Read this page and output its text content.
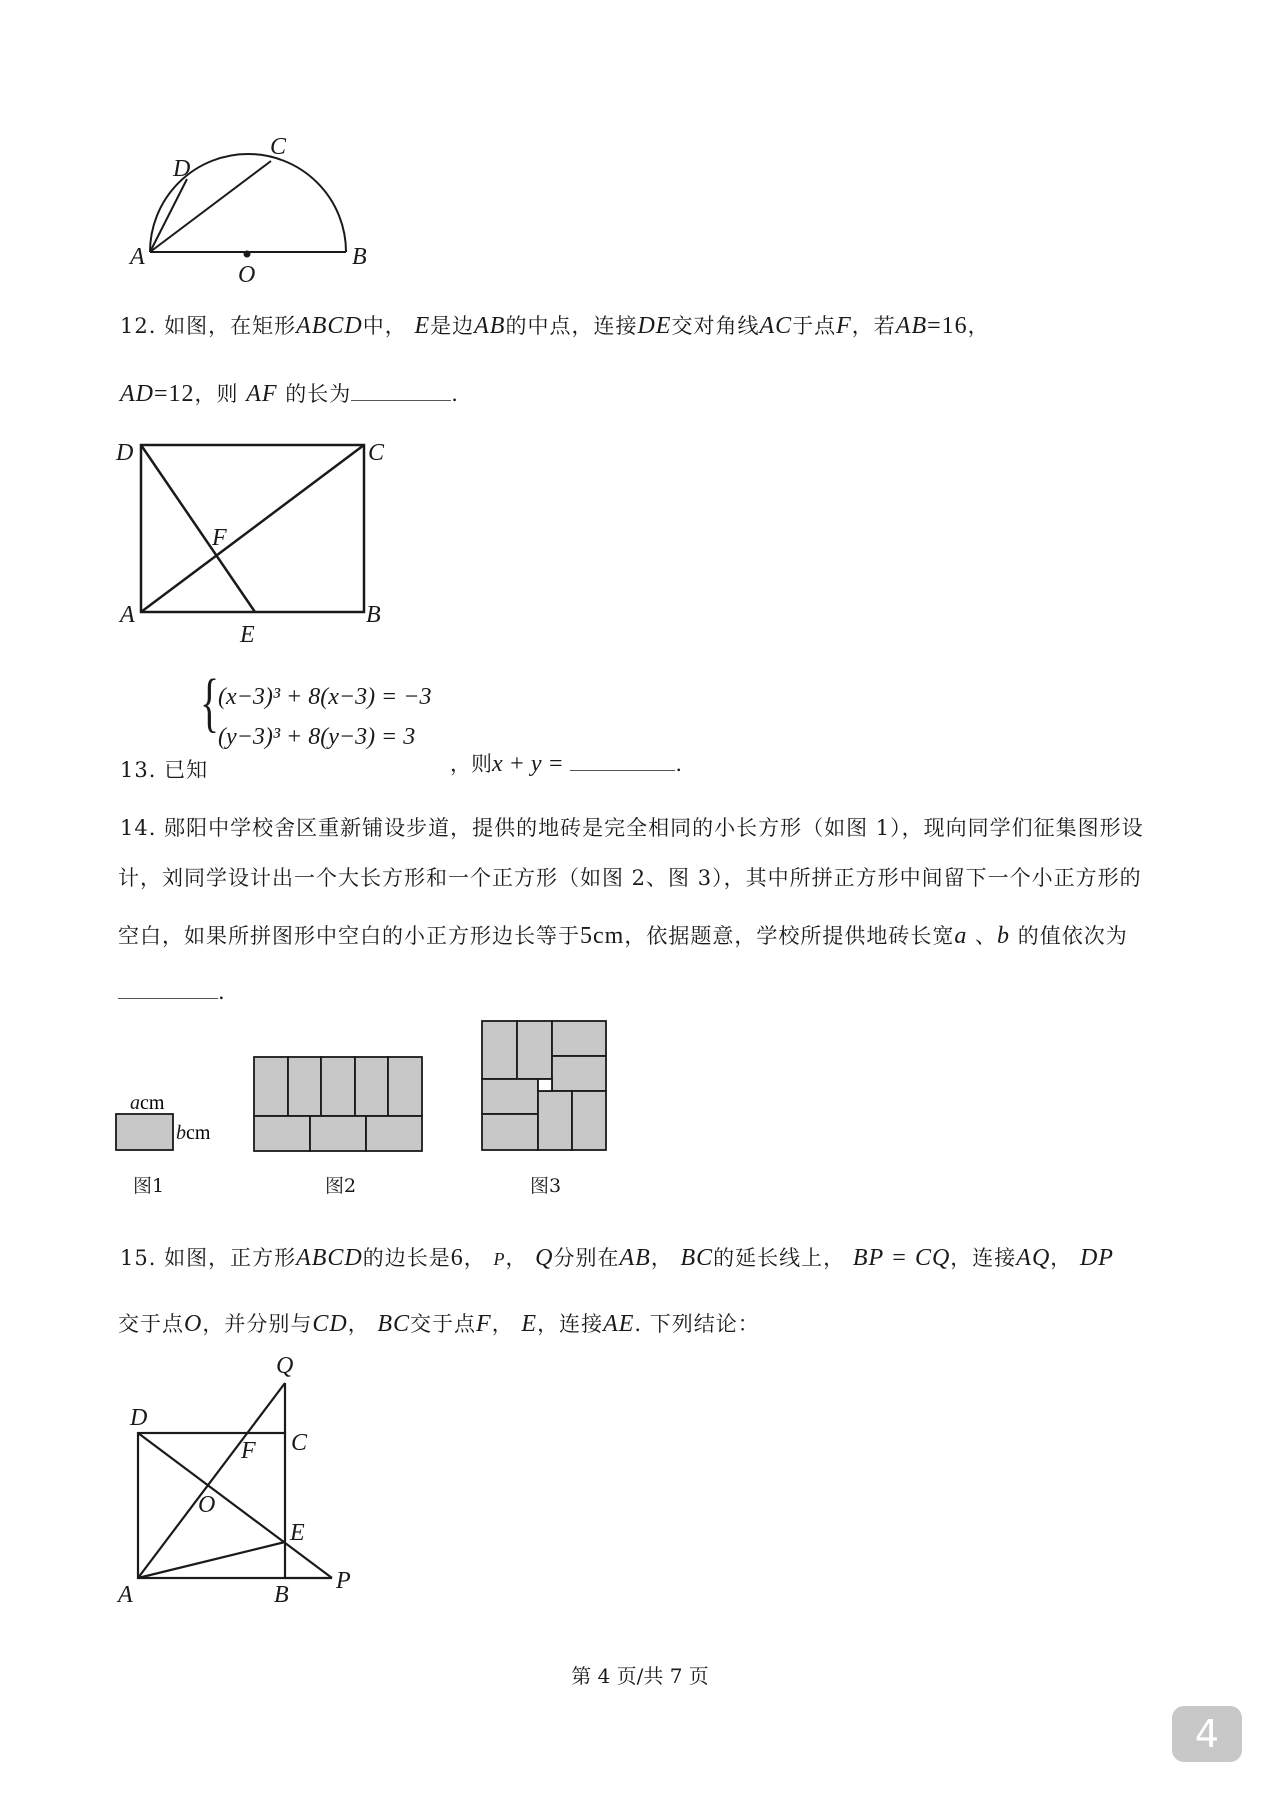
A	B
C
D
O
12. 如图，在矩形ABCD中， E是边AB的中点，连接DE交对角线AC于点F，若AB=16，
AD=12，则 AF 的长为	.
D	C
A	B
E
F
{
(x−3)³ + 8(x−3) = −3
(y−3)³ + 8(y−3) = 3
13. 已知	，则x + y =	.
14. 郧阳中学校舍区重新铺设步道，提供的地砖是完全相同的小长方形（如图 1），现向同学们征集图形设
计，刘同学设计出一个大长方形和一个正方形（如图 2、图 3），其中所拼正方形中间留下一个小正方形的
空白，如果所拼图形中空白的小正方形边长等于5cm，依据题意，学校所提供地砖长宽a 、b 的值依次为
.
acm
bcm
图1	图2	图3
15. 如图，正方形ABCD的边长是6， P， Q分别在AB， BC的延长线上， BP = CQ，连接AQ， DP
交于点O，并分别与CD， BC交于点F， E，连接AE. 下列结论：
Q
D
C
F
O
E
A	B
P
第 4 页/共 7 页
4
